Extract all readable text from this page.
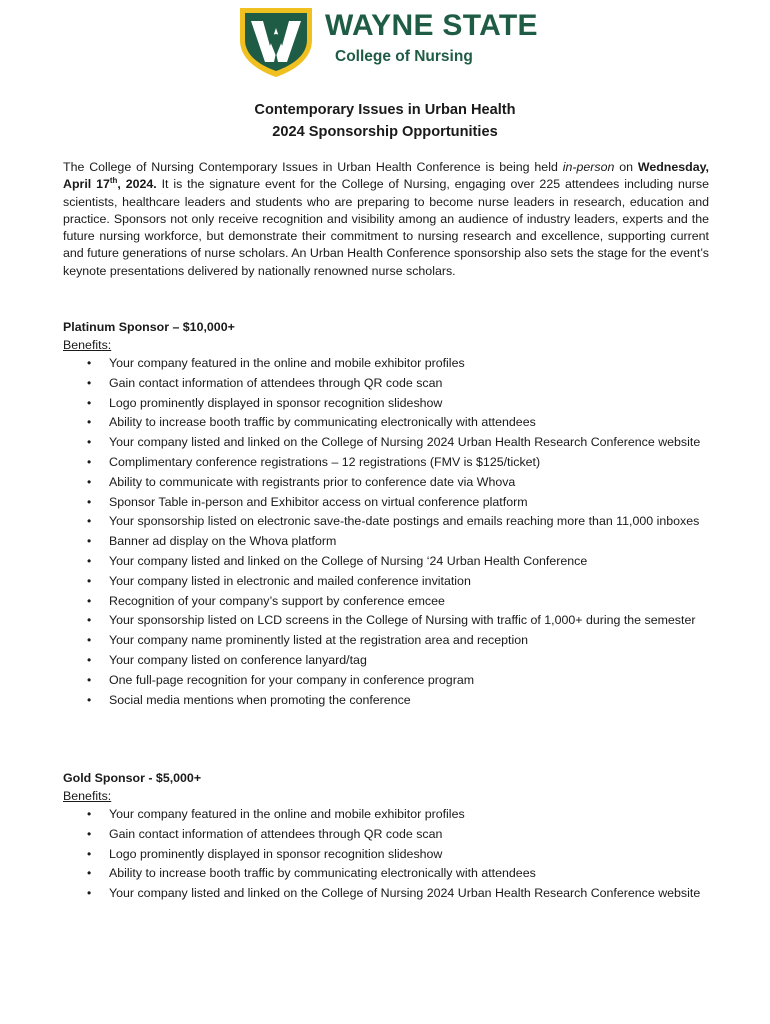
WAYNE STATE
College of Nursing
Contemporary Issues in Urban Health
2024 Sponsorship Opportunities
The College of Nursing Contemporary Issues in Urban Health Conference is being held in-person on Wednesday, April 17th, 2024. It is the signature event for the College of Nursing, engaging over 225 attendees including nurse scientists, healthcare leaders and students who are preparing to become nurse leaders in research, education and practice. Sponsors not only receive recognition and visibility among an audience of industry leaders, experts and the future nursing workforce, but demonstrate their commitment to nursing research and excellence, supporting current and future generations of nurse scholars. An Urban Health Conference sponsorship also sets the stage for the event’s keynote presentations delivered by nationally renowned nurse scholars.
Platinum Sponsor – $10,000+
Benefits:
• Your company featured in the online and mobile exhibitor profiles
• Gain contact information of attendees through QR code scan
• Logo prominently displayed in sponsor recognition slideshow
• Ability to increase booth traffic by communicating electronically with attendees
• Your company listed and linked on the College of Nursing 2024 Urban Health Research Conference website
• Complimentary conference registrations – 12 registrations (FMV is $125/ticket)
• Ability to communicate with registrants prior to conference date via Whova
• Sponsor Table in-person and Exhibitor access on virtual conference platform
• Your sponsorship listed on electronic save-the-date postings and emails reaching more than 11,000 inboxes
• Banner ad display on the Whova platform
• Your company listed and linked on the College of Nursing ‘24 Urban Health Conference
• Your company listed in electronic and mailed conference invitation
• Recognition of your company’s support by conference emcee
• Your sponsorship listed on LCD screens in the College of Nursing with traffic of 1,000+ during the semester
• Your company name prominently listed at the registration area and reception
• Your company listed on conference lanyard/tag
• One full-page recognition for your company in conference program
• Social media mentions when promoting the conference
Gold Sponsor - $5,000+
Benefits:
• Your company featured in the online and mobile exhibitor profiles
• Gain contact information of attendees through QR code scan
• Logo prominently displayed in sponsor recognition slideshow
• Ability to increase booth traffic by communicating electronically with attendees
• Your company listed and linked on the College of Nursing 2024 Urban Health Research Conference website
